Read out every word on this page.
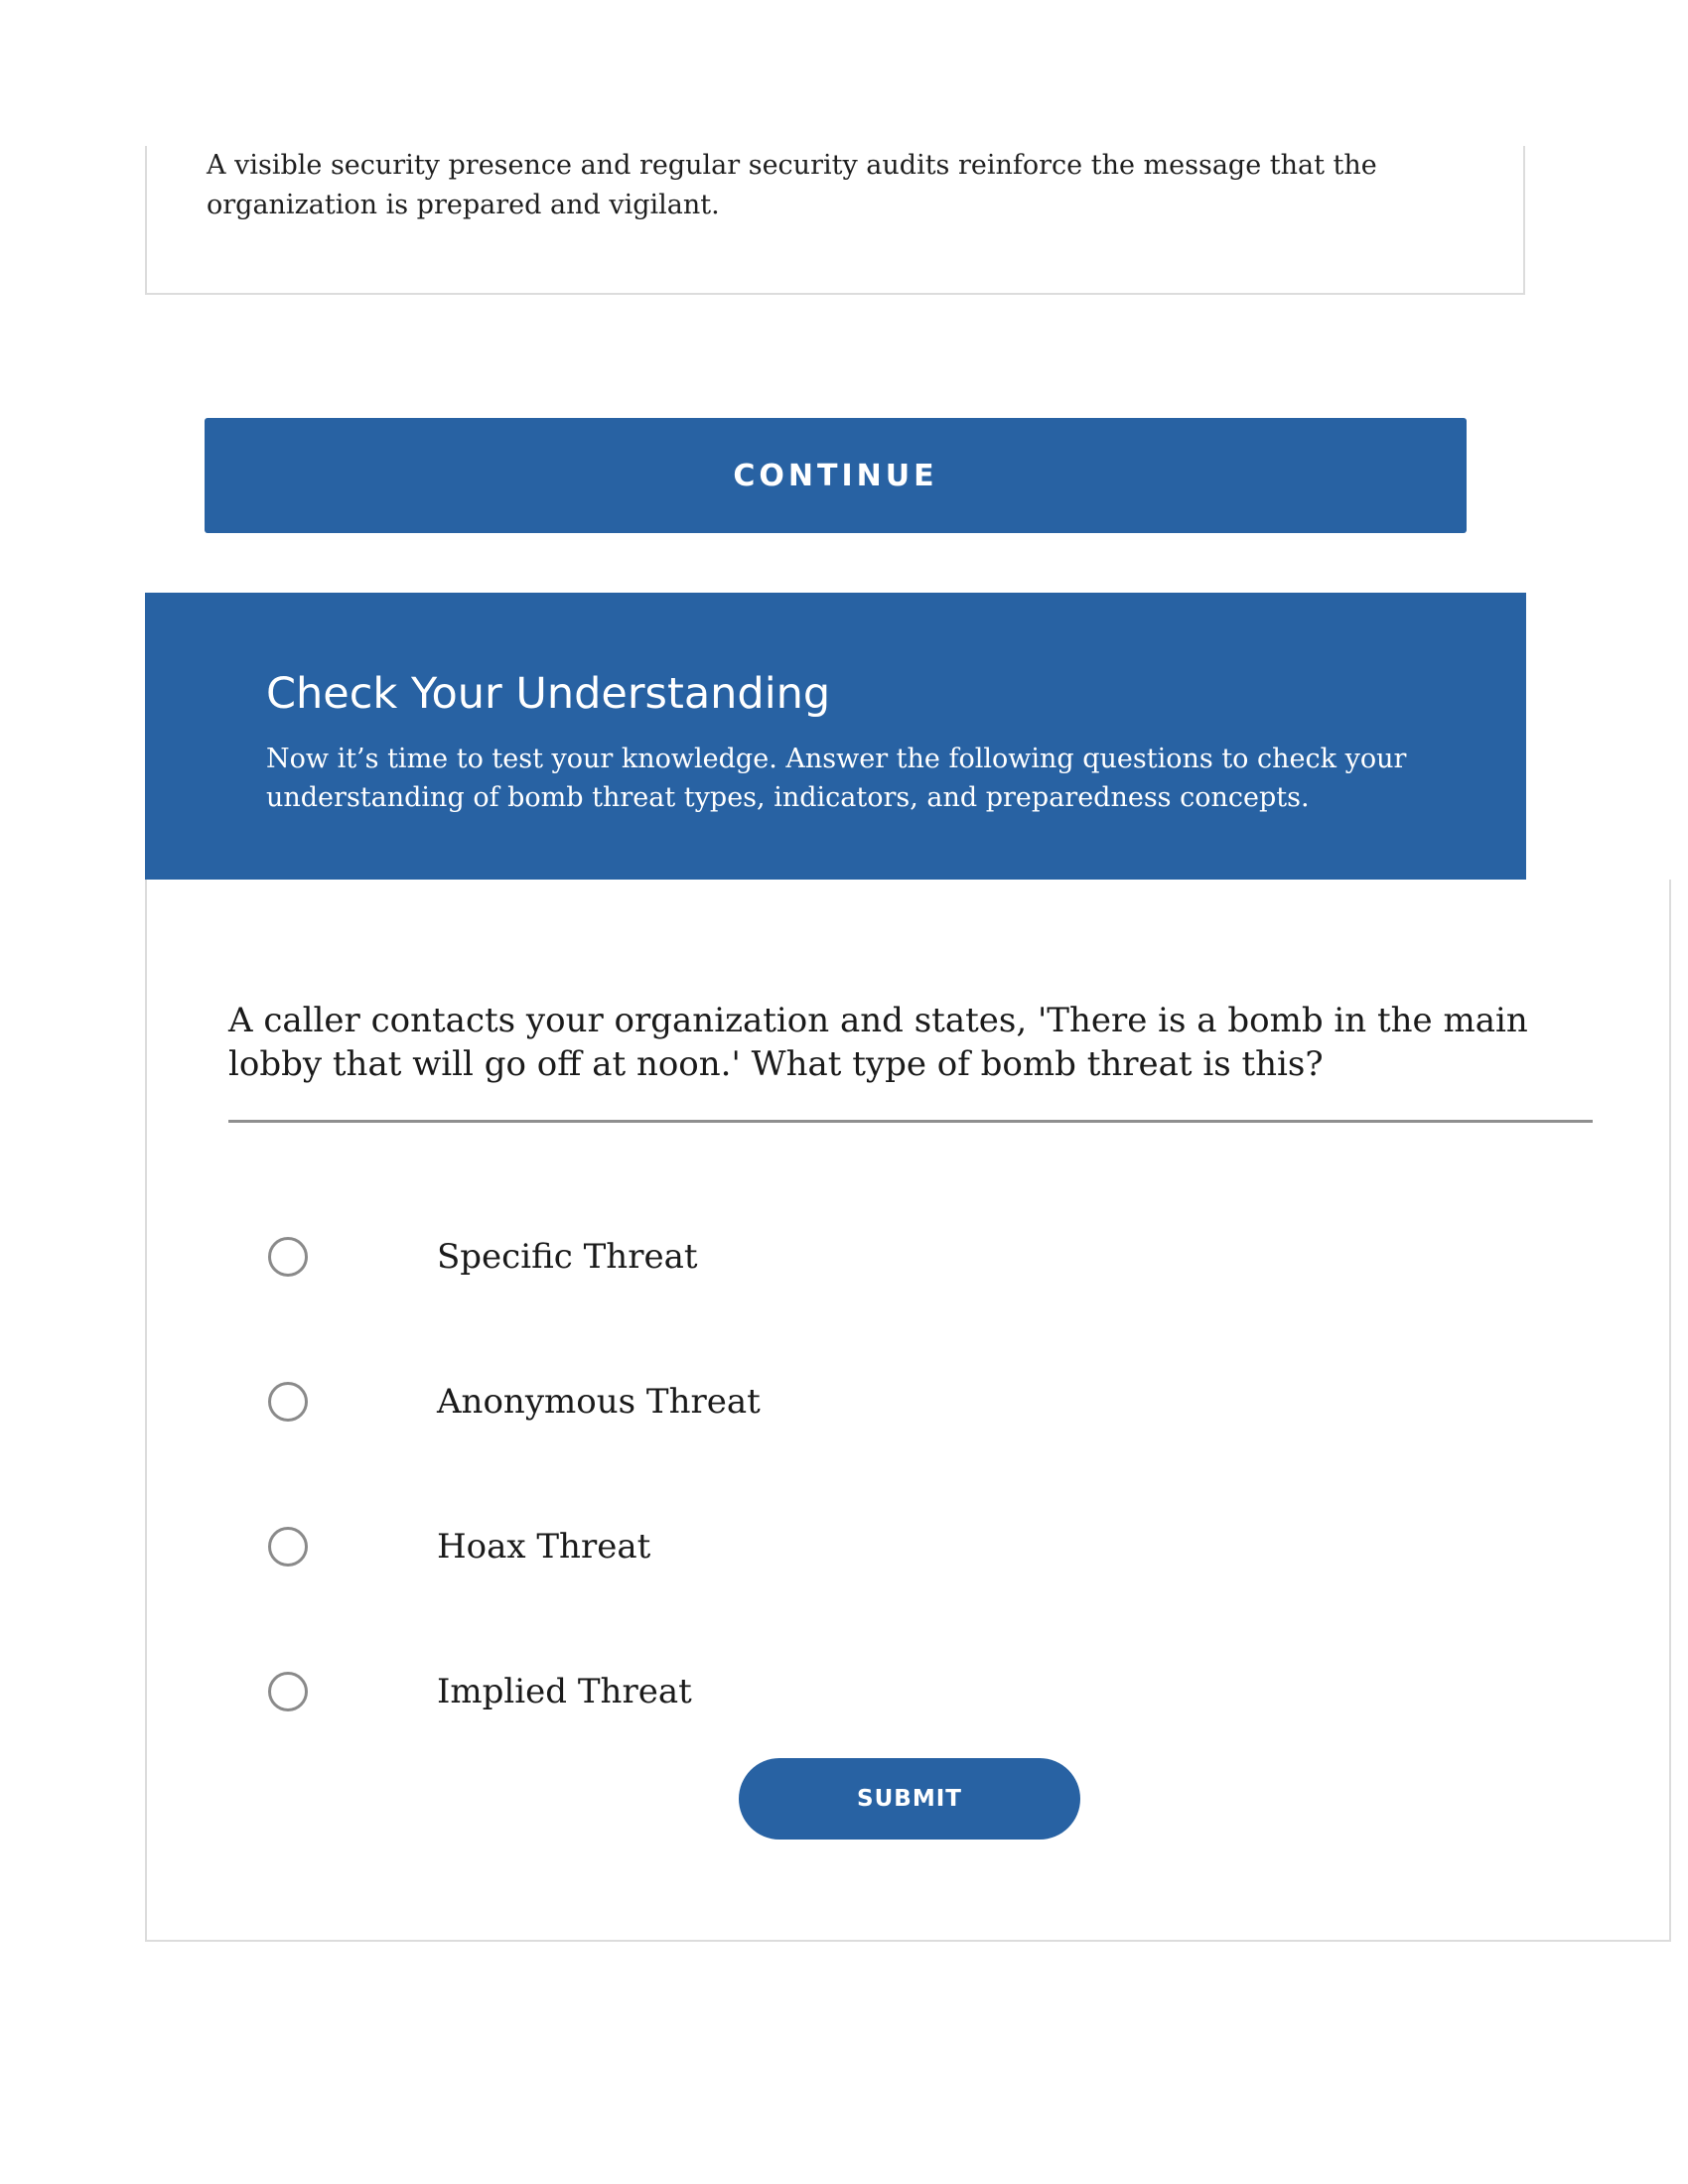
A visible security presence and regular security audits reinforce the message that the organization is prepared and vigilant.

CONTINUE
Check Your Understanding

Now it’s time to test your knowledge. Answer the following questions to check your understanding of bomb threat types, indicators, and preparedness concepts.

A caller contacts your organization and states, 'There is a bomb in the main lobby that will go off at noon.' What type of bomb threat is this?

Specific Threat
Anonymous Threat
Hoax Threat
Implied Threat
SUBMIT
